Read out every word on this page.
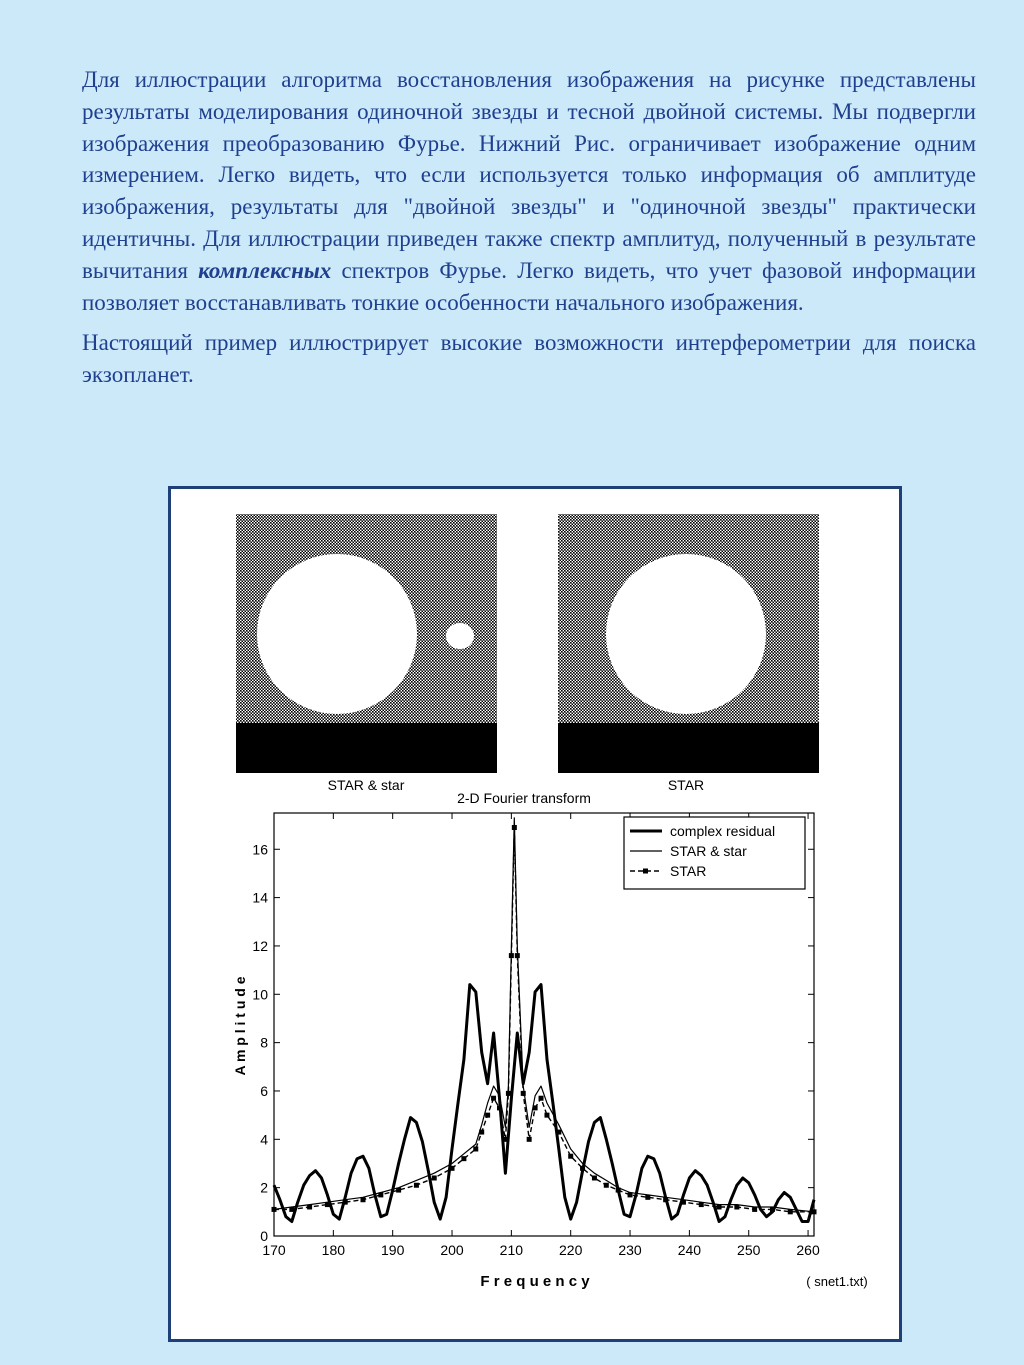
Для иллюстрации алгоритма восстановления изображения на рисунке представлены результаты моделирования одиночной звезды и тесной двойной системы. Мы подвергли изображения преобразованию Фурье. Нижний Рис. ограничивает изображение одним измерением. Легко видеть, что если используется только информация об амплитуде изображения, результаты для "двойной звезды" и "одиночной звезды" практически идентичны. Для иллюстрации приведен также спектр амплитуд, полученный в результате вычитания комплексных спектров Фурье. Легко видеть, что учет фазовой информации позволяет восстанавливать тонкие особенности начального изображения.

Настоящий пример иллюстрирует высокие возможности интерферометрии для поиска экзопланет.

STAR & star	STAR
2-D Fourier transform
0
2
4
6
8
10
12
14
16
170	180	190	200	210	220	230	240	250	260
complex residual
STAR & star
STAR
A m p l i t u d e
F r e q u e n c y	( snet1.txt)
